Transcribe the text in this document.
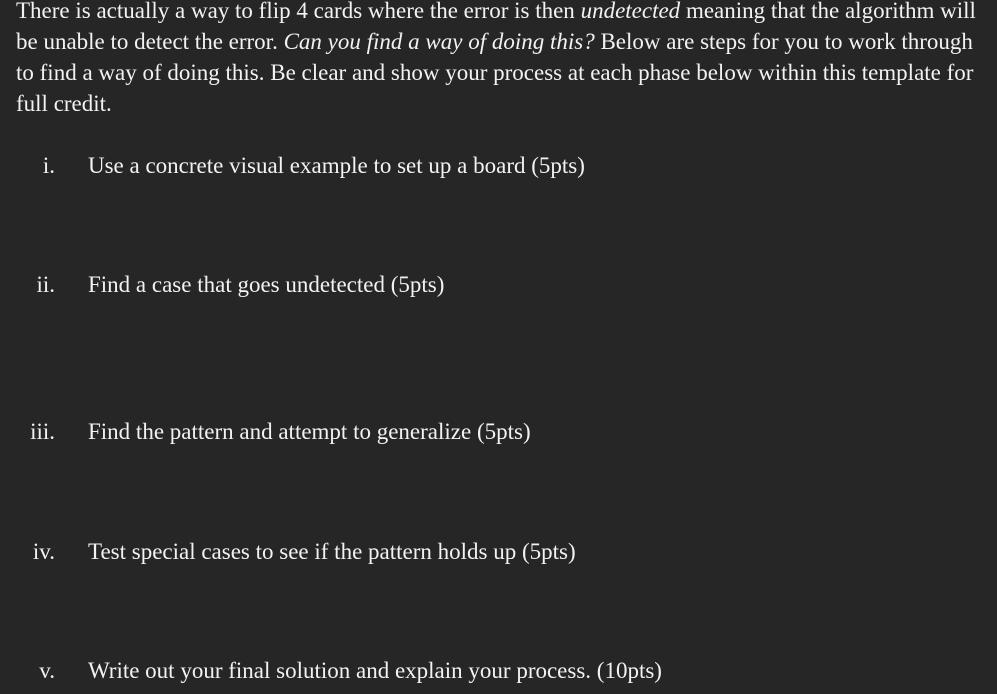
There is actually a way to flip 4 cards where the error is then undetected meaning that the algorithm will be unable to detect the error. Can you find a way of doing this? Below are steps for you to work through to find a way of doing this. Be clear and show your process at each phase below within this template for full credit.

i. Use a concrete visual example to set up a board (5pts)
ii. Find a case that goes undetected (5pts)
iii. Find the pattern and attempt to generalize (5pts)
iv. Test special cases to see if the pattern holds up (5pts)
v. Write out your final solution and explain your process. (10pts)
